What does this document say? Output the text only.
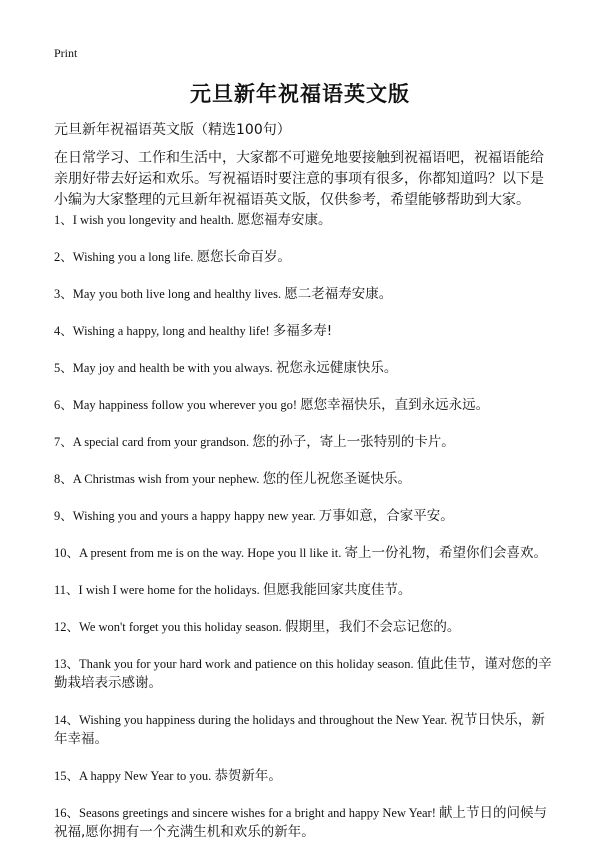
Print
元旦新年祝福语英文版
元旦新年祝福语英文版（精选100句）
在日常学习、工作和生活中，大家都不可避免地要接触到祝福语吧，祝福语能给亲朋好带去好运和欢乐。写祝福语时要注意的事项有很多，你都知道吗？以下是小编为大家整理的元旦新年祝福语英文版，仅供参考，希望能够帮助到大家。
1、I wish you longevity and health. 愿您福寿安康。
2、Wishing you a long life. 愿您长命百岁。
3、May you both live long and healthy lives. 愿二老福寿安康。
4、Wishing a happy, long and healthy life! 多福多寿!
5、May joy and health be with you always. 祝您永远健康快乐。
6、May happiness follow you wherever you go! 愿您幸福快乐，直到永远永远。
7、A special card from your grandson. 您的孙子，寄上一张特别的卡片。
8、A Christmas wish from your nephew. 您的侄儿祝您圣诞快乐。
9、Wishing you and yours a happy happy new year. 万事如意，合家平安。
10、A present from me is on the way. Hope you ll like it. 寄上一份礼物，希望你们会喜欢。
11、I wish I were home for the holidays. 但愿我能回家共度佳节。
12、We won't forget you this holiday season. 假期里，我们不会忘记您的。
13、Thank you for your hard work and patience on this holiday season. 值此佳节，谨对您的辛勤栽培表示感谢。
14、Wishing you happiness during the holidays and throughout the New Year. 祝节日快乐，新年幸福。
15、A happy New Year to you. 恭贺新年。
16、Seasons greetings and sincere wishes for a bright and happy New Year! 献上节日的问候与祝福,愿你拥有一个充满生机和欢乐的新年。
